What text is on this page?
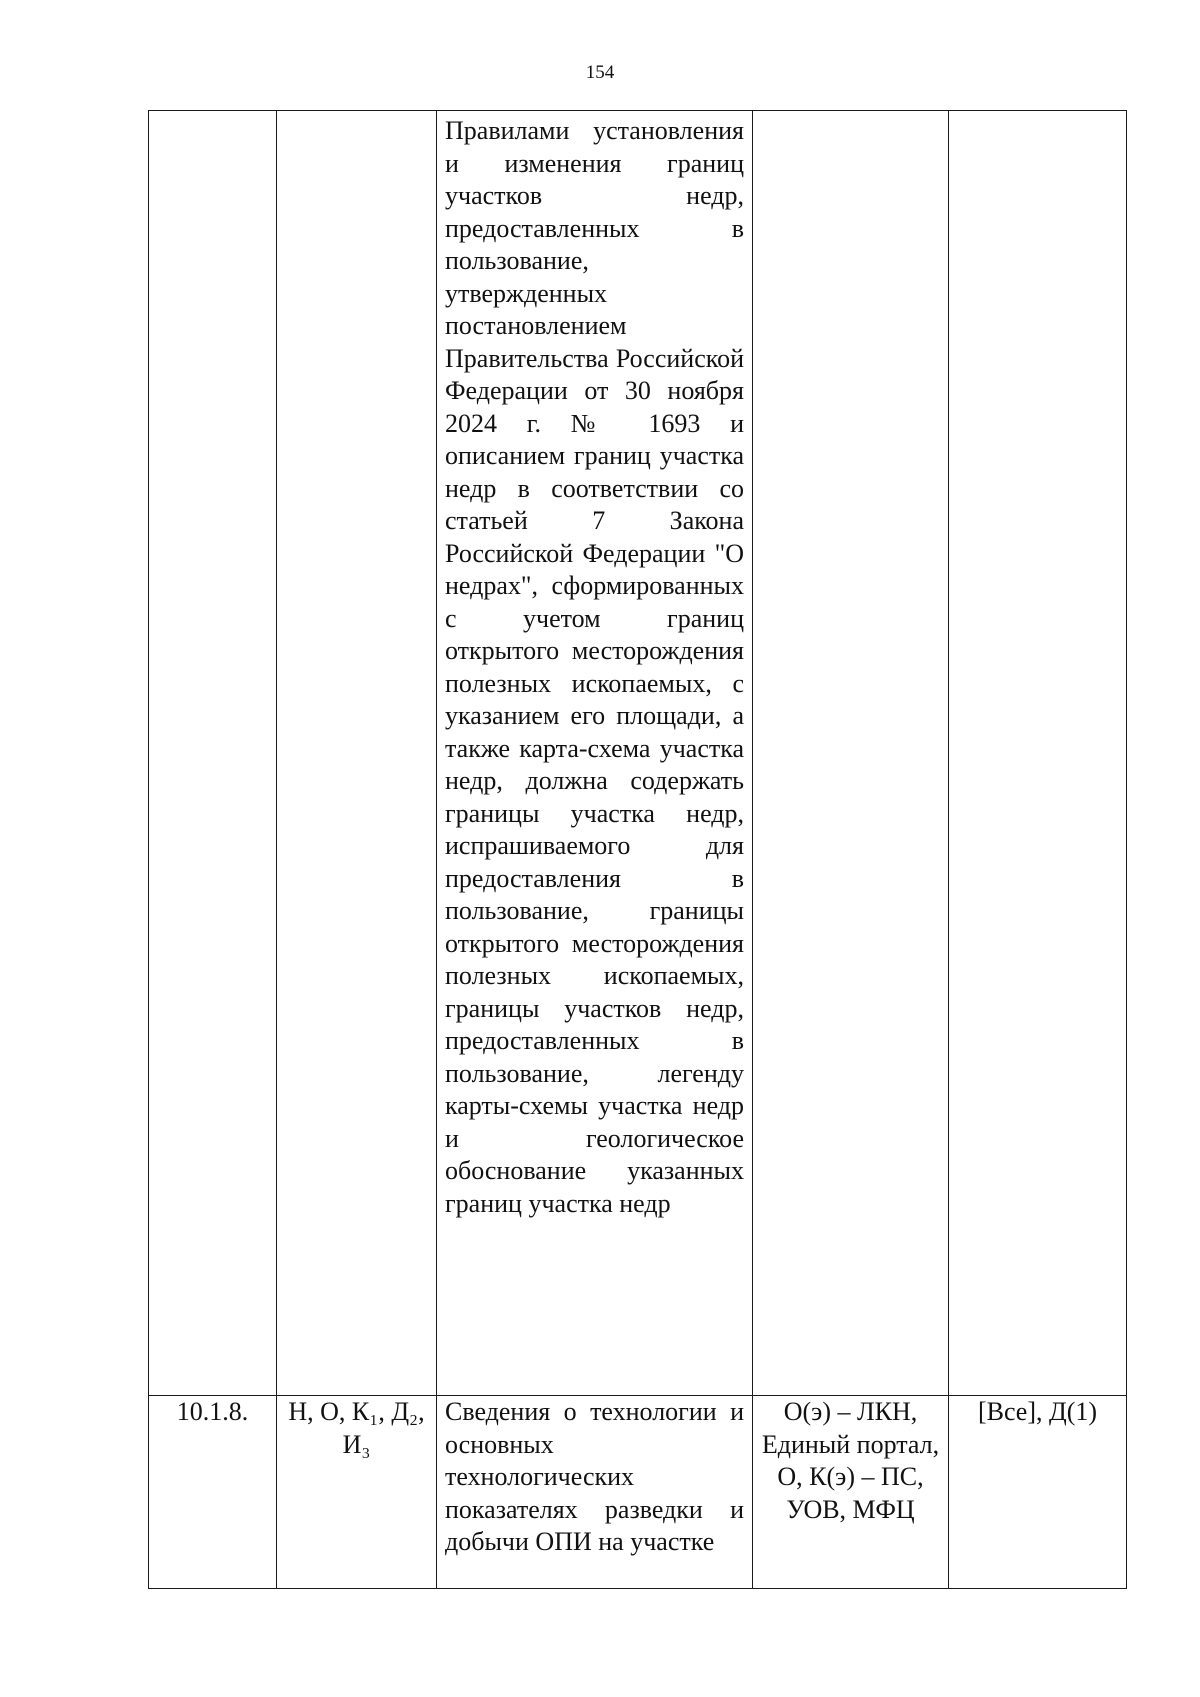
154
		Правилами установления и изменения границ участков недр, предоставленных в пользование, утвержденных постановлением Правительства Российской Федерации от 30 ноября 2024 г. № 1693 и описанием границ участка недр в соответствии со статьей 7 Закона Российской Федерации "О недрах", сформированных с учетом границ открытого месторождения полезных ископаемых, с указанием его площади, а также карта-схема участка недр, должна содержать границы участка недр, испрашиваемого для предоставления в пользование, границы открытого месторождения полезных ископаемых, границы участков недр, предоставленных в пользование, легенду карты-схемы участка недр и геологическое обоснование указанных границ участка недр		
10.1.8.	Н, О, К₁, Д₂, И₃	Сведения о технологии и основных технологических показателях разведки и добычи ОПИ на участке	О(э) – ЛКН, Единый портал, О, К(э) – ПС, УОВ, МФЦ	[Все], Д(1)
